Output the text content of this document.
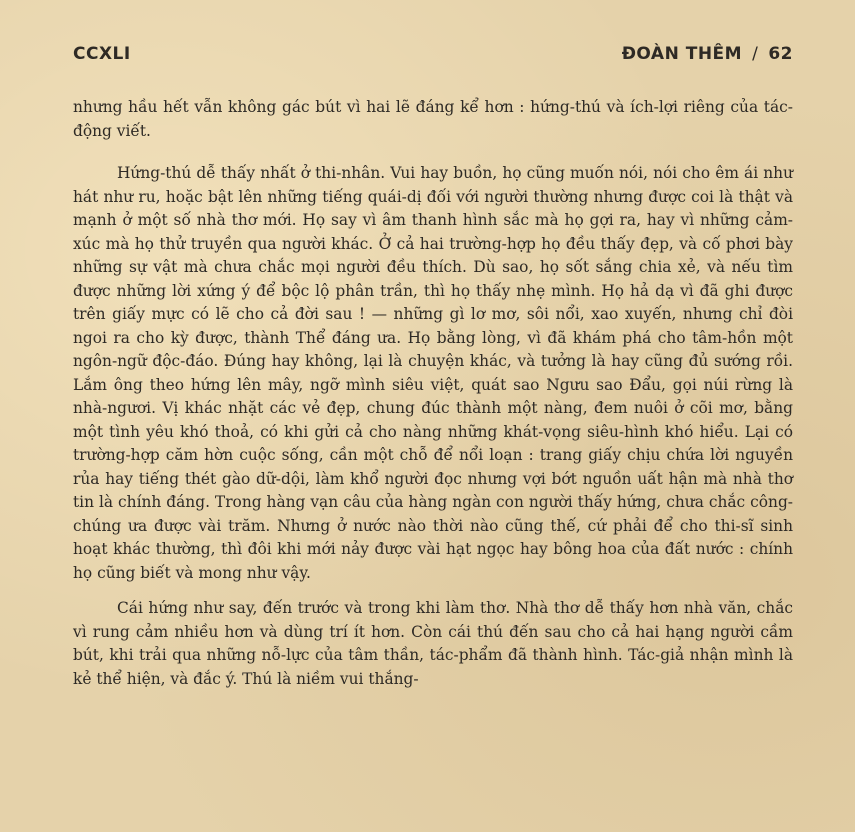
CCXLI	ĐOÀN THÊM / 62

nhưng hầu hết vẫn không gác bút vì hai lẽ đáng kể hơn : hứng-thú và ích-lợi riêng của tác-động viết.

Hứng-thú dễ thấy nhất ở thi-nhân. Vui hay buồn, họ cũng muốn nói, nói cho êm ái như hát như ru, hoặc bật lên những tiếng quái-dị đối với người thường nhưng được coi là thật và mạnh ở một số nhà thơ mới. Họ say vì âm thanh hình sắc mà họ gợi ra, hay vì những cảm-xúc mà họ thử truyền qua người khác. Ở cả hai trường-hợp họ đều thấy đẹp, và cố phơi bày những sự vật mà chưa chắc mọi người đều thích. Dù sao, họ sốt sắng chia xẻ, và nếu tìm được những lời xứng ý để bộc lộ phân trần, thì họ thấy nhẹ mình. Họ hả dạ vì đã ghi được trên giấy mực có lẽ cho cả đời sau ! — những gì lơ mơ, sôi nổi, xao xuyến, nhưng chỉ đòi ngoi ra cho kỳ được, thành Thể đáng ưa. Họ bằng lòng, vì đã khám phá cho tâm-hồn một ngôn-ngữ độc-đáo. Đúng hay không, lại là chuyện khác, và tưởng là hay cũng đủ sướng rồi. Lắm ông theo hứng lên mây, ngỡ mình siêu việt, quát sao Ngưu sao Đẩu, gọi núi rừng là nhà-ngươi. Vị khác nhặt các vẻ đẹp, chung đúc thành một nàng, đem nuôi ở cõi mơ, bằng một tình yêu khó thoả, có khi gửi cả cho nàng những khát-vọng siêu-hình khó hiểu. Lại có trường-hợp căm hờn cuộc sống, cần một chỗ để nổi loạn : trang giấy chịu chứa lời nguyền rủa hay tiếng thét gào dữ-dội, làm khổ người đọc nhưng vợi bớt nguồn uất hận mà nhà thơ tin là chính đáng. Trong hàng vạn câu của hàng ngàn con người thấy hứng, chưa chắc công-chúng ưa được vài trăm. Nhưng ở nước nào thời nào cũng thế, cứ phải để cho thi-sĩ sinh hoạt khác thường, thì đôi khi mới nảy được vài hạt ngọc hay bông hoa của đất nước : chính họ cũng biết và mong như vậy.

Cái hứng như say, đến trước và trong khi làm thơ. Nhà thơ dễ thấy hơn nhà văn, chắc vì rung cảm nhiều hơn và dùng trí ít hơn. Còn cái thú đến sau cho cả hai hạng người cầm bút, khi trải qua những nỗ-lực của tâm thần, tác-phẩm đã thành hình. Tác-giả nhận mình là kẻ thể hiện, và đắc ý. Thú là niềm vui thắng-
